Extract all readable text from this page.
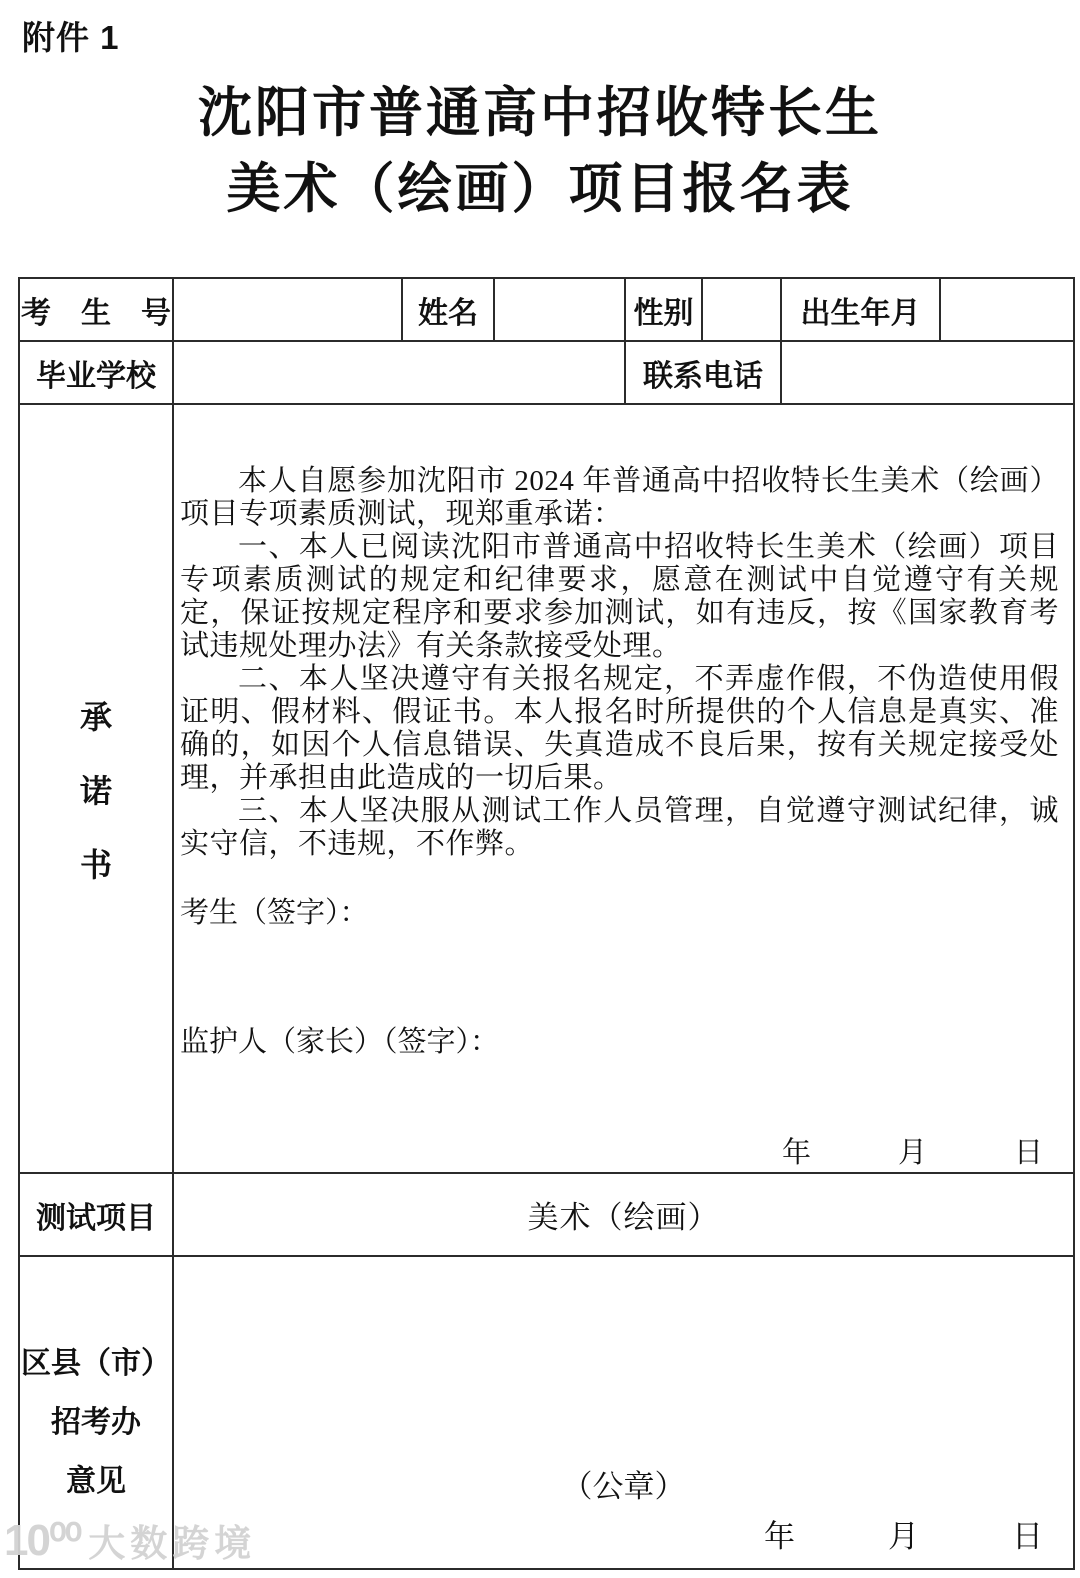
附件 1
沈阳市普通高中招收特长生
美术（绘画）项目报名表
考　生　号	姓名	性别	出生年月
毕业学校	联系电话
承
诺
书

本人自愿参加沈阳市 2024 年普通高中招收特长生美术（绘画）项目专项素质测试，现郑重承诺：

一、本人已阅读沈阳市普通高中招收特长生美术（绘画）项目专项素质测试的规定和纪律要求，愿意在测试中自觉遵守有关规定，保证按规定程序和要求参加测试，如有违反，按《国家教育考试违规处理办法》有关条款接受处理。

二、本人坚决遵守有关报名规定，不弄虚作假，不伪造使用假证明、假材料、假证书。本人报名时所提供的个人信息是真实、准确的，如因个人信息错误、失真造成不良后果，按有关规定接受处理，并承担由此造成的一切后果。

三、本人坚决服从测试工作人员管理，自觉遵守测试纪律，诚实守信，不违规，不作弊。

考生（签字）：
监护人（家长）（签字）：
年　　　月　　　日
测试项目	美术（绘画）
区县（市）
招考办
意见	（公章）
年　　　月　　　日
10⁰⁰ 大数跨境
